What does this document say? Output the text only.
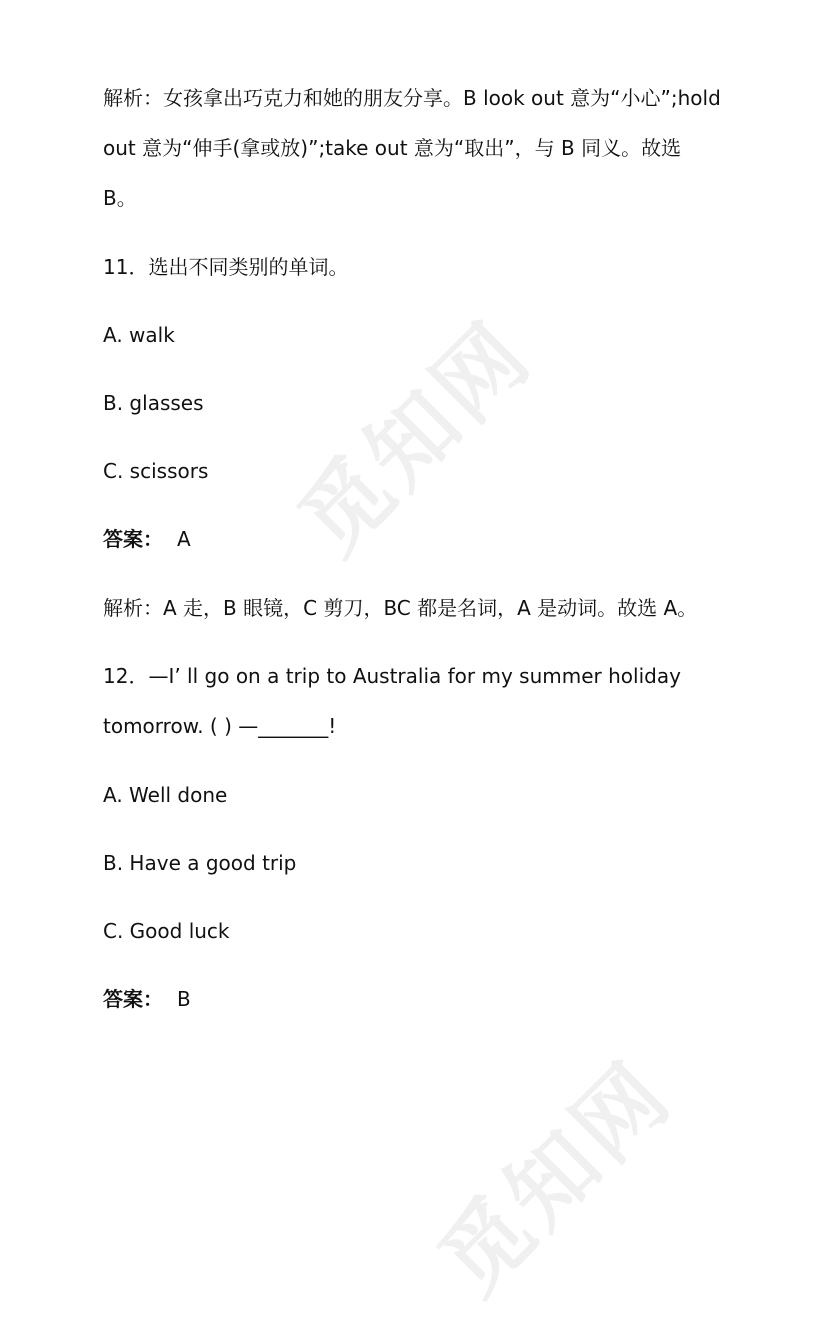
觅知网
觅知网
解析：女孩拿出巧克力和她的朋友分享。B look out 意为“小心”;hold
out 意为“伸手(拿或放)”;take out 意为“取出”，与 B 同义。故选
B。
11．选出不同类别的单词。
A. walk
B. glasses
C. scissors
答案： A
解析：A 走，B 眼镜，C 剪刀，BC 都是名词，A 是动词。故选 A。
12．—I’ ll go on a trip to Australia for my summer holiday
tomorrow. ( ) —_______!
A. Well done
B. Have a good trip
C. Good luck
答案： B
